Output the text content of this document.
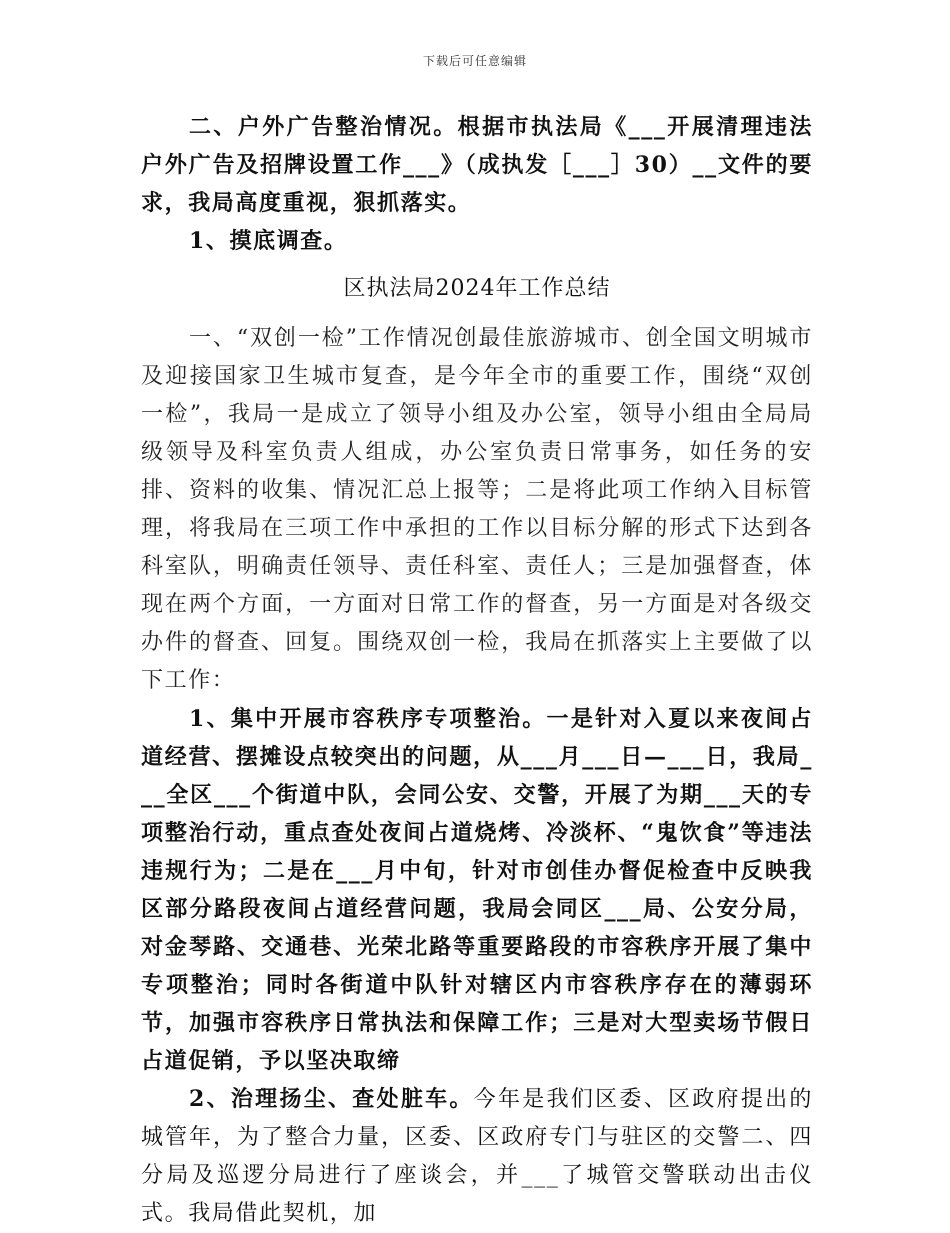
下载后可任意编辑

二、户外广告整治情况。根据市执法局《___开展清理违法户外广告及招牌设置工作___》（成执发［___］30）__文件的要求，我局高度重视，狠抓落实。

1、摸底调查。

区执法局2024年工作总结

一、“双创一检”工作情况创最佳旅游城市、创全国文明城市及迎接国家卫生城市复查，是今年全市的重要工作，围绕“双创一检”，我局一是成立了领导小组及办公室，领导小组由全局局级领导及科室负责人组成，办公室负责日常事务，如任务的安排、资料的收集、情况汇总上报等；二是将此项工作纳入目标管理，将我局在三项工作中承担的工作以目标分解的形式下达到各科室队，明确责任领导、责任科室、责任人；三是加强督查，体现在两个方面，一方面对日常工作的督查，另一方面是对各级交办件的督查、回复。围绕双创一检，我局在抓落实上主要做了以下工作：

1、集中开展市容秩序专项整治。一是针对入夏以来夜间占道经营、摆摊设点较突出的问题，从___月___日—___日，我局___全区___个街道中队，会同公安、交警，开展了为期___天的专项整治行动，重点查处夜间占道烧烤、冷淡杯、“鬼饮食”等违法违规行为；二是在___月中旬，针对市创佳办督促检查中反映我区部分路段夜间占道经营问题，我局会同区___局、公安分局，对金琴路、交通巷、光荣北路等重要路段的市容秩序开展了集中专项整治；同时各街道中队针对辖区内市容秩序存在的薄弱环节，加强市容秩序日常执法和保障工作；三是对大型卖场节假日占道促销，予以坚决取缔

2、治理扬尘、查处脏车。今年是我们区委、区政府提出的城管年，为了整合力量，区委、区政府专门与驻区的交警二、四分局及巡逻分局进行了座谈会，并___了城管交警联动出击仪式。我局借此契机，加
